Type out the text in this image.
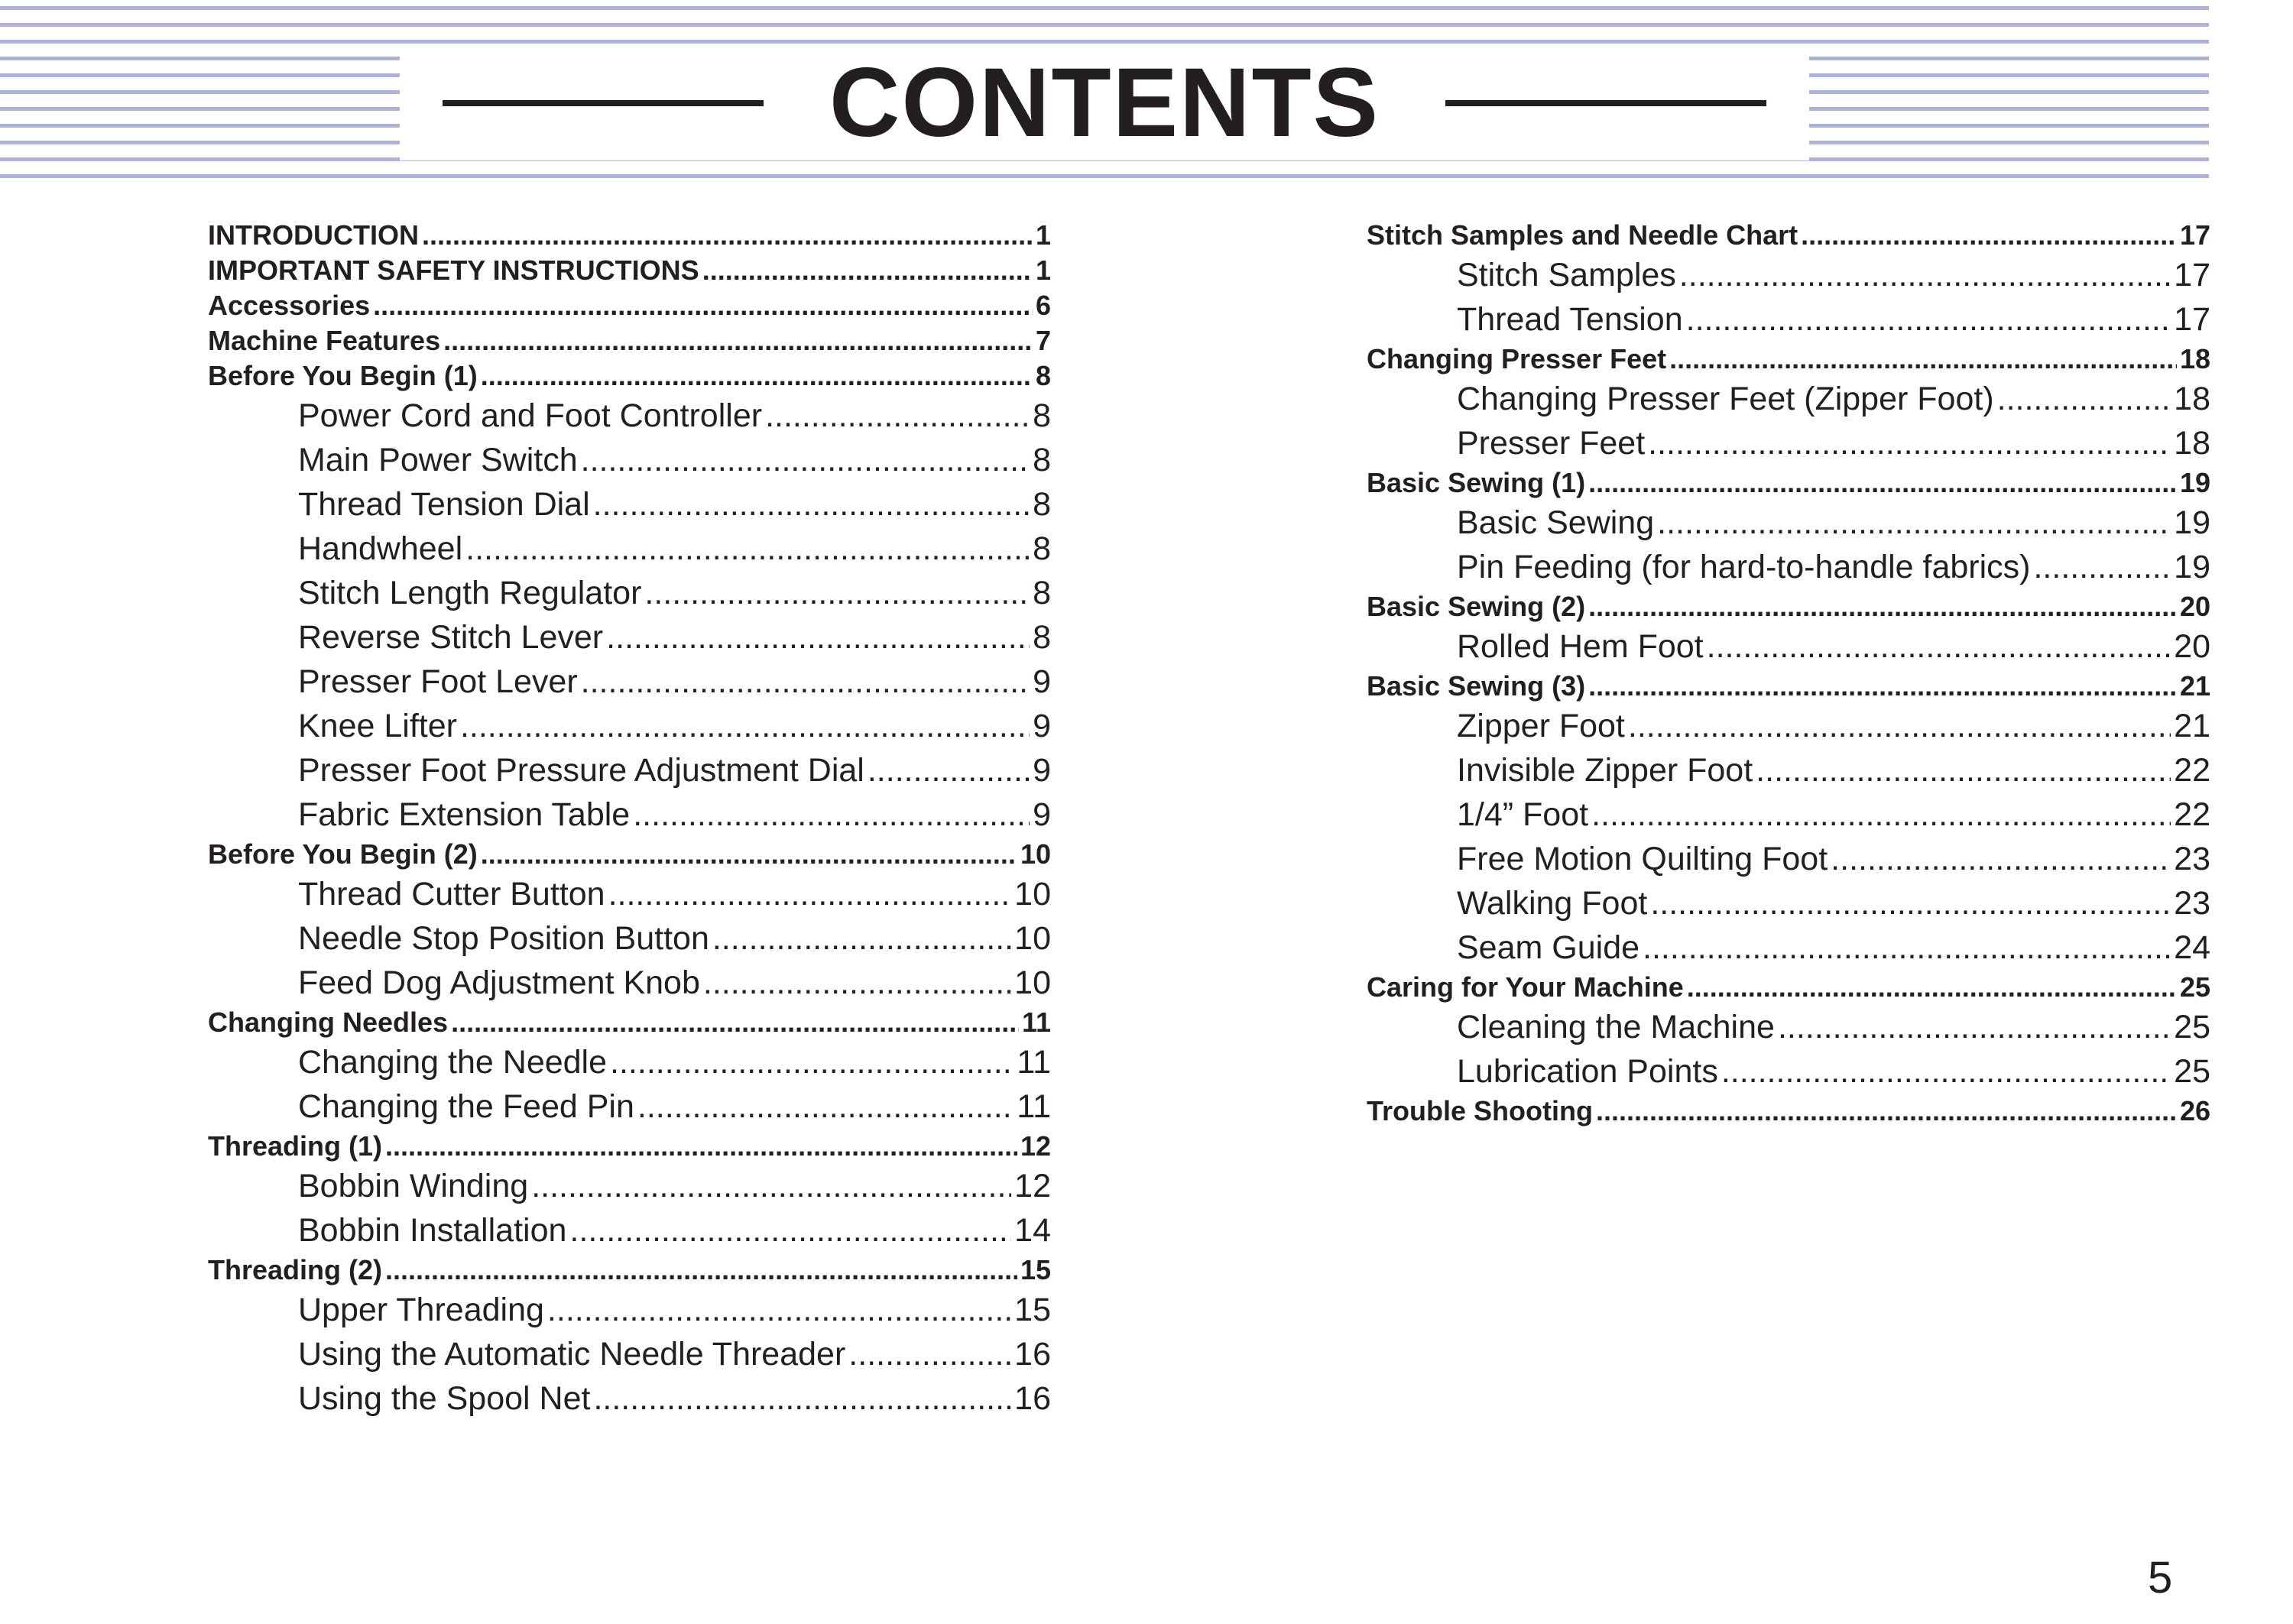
CONTENTS
INTRODUCTION .....	1
IMPORTANT SAFETY INSTRUCTIONS .....	1
Accessories .....	6
Machine Features .....	7
Before You Begin (1) .....	8
Power Cord and Foot Controller .....	8
Main Power Switch .....	8
Thread Tension Dial .....	8
Handwheel .....	8
Stitch Length Regulator .....	8
Reverse Stitch Lever .....	8
Presser Foot Lever .....	9
Knee Lifter .....	9
Presser Foot Pressure Adjustment Dial .....	9
Fabric Extension Table .....	9
Before You Begin (2) .....	10
Thread Cutter Button .....	10
Needle Stop Position Button .....	10
Feed Dog Adjustment Knob .....	10
Changing Needles .....	11
Changing the Needle .....	11
Changing the Feed Pin .....	11
Threading (1) .....	12
Bobbin Winding .....	12
Bobbin Installation .....	14
Threading (2) .....	15
Upper Threading .....	15
Using the Automatic Needle Threader .....	16
Using the Spool Net .....	16
Stitch Samples and Needle Chart .....	17
Stitch Samples .....	17
Thread Tension .....	17
Changing Presser Feet .....	18
Changing Presser Feet (Zipper Foot) .....	18
Presser Feet .....	18
Basic Sewing (1) .....	19
Basic Sewing .....	19
Pin Feeding (for hard-to-handle fabrics) .....	19
Basic Sewing (2) .....	20
Rolled Hem Foot .....	20
Basic Sewing (3) .....	21
Zipper Foot .....	21
Invisible Zipper Foot .....	22
1/4” Foot .....	22
Free Motion Quilting Foot .....	23
Walking Foot .....	23
Seam Guide .....	24
Caring for Your Machine .....	25
Cleaning the Machine .....	25
Lubrication Points .....	25
Trouble Shooting .....	26
5
